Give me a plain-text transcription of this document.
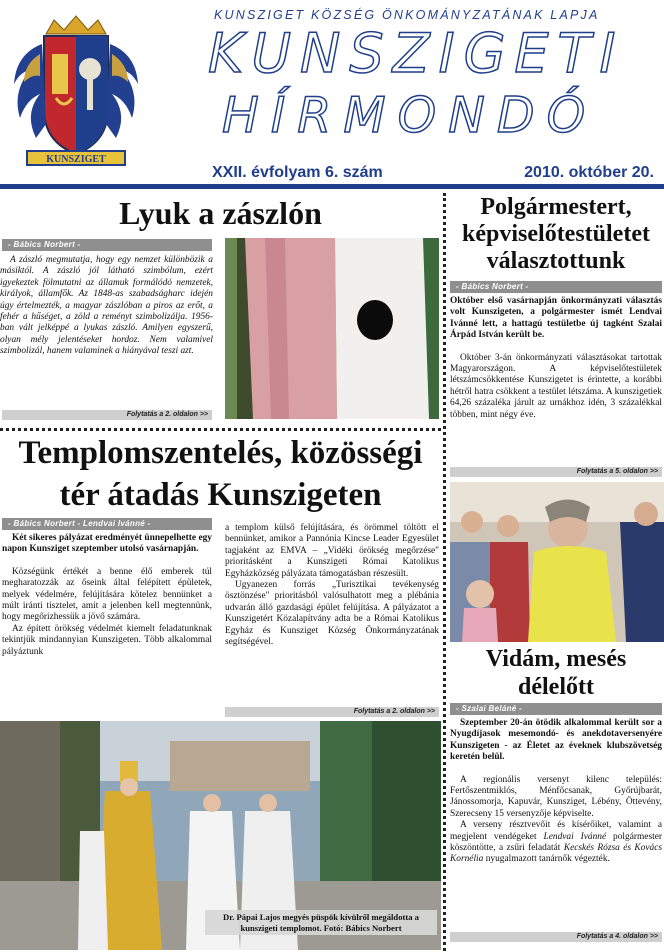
KUNSZIGET
KUNSZIGET KÖZSÉG ÖNKOMÁNYZATÁNAK LAPJA
KUNSZIGETI
HÍRMONDÓ
XXII. évfolyam 6. szám	2010. október 20.
Lyuk a zászlón
- Bábics Norbert -

A zászló megmutatja, hogy egy nemzet különbözik a másiktól. A zászló jól látható szimbólum, ezért igyekeztek fölmutatni az államuk formálódó nemzetek, királyok, államfők. Az 1848-as szabadságharc idején úgy értelmezték, a magyar zászlóban a piros az erőt, a fehér a hűséget, a zöld a reményt szimbolizálja. 1956-ban vált jelképpé a lyukas zászló. Amilyen egyszerű, olyan mély jelentéseket hordoz. Nem valamivel szimbolizál, hanem valaminek a hiányával teszi azt.

Folytatás a 2. oldalon >>
Templomszentelés, közösségi
tér átadás Kunszigeten
- Bábics Norbert - Lendvai Ivánné -

Két sikeres pályázat eredményét ünnepelhette egy napon Kunsziget szeptember utolsó vasárnapján.

Községünk értékét a benne élő emberek túl megharatozzák az őseink által felépített épületek, melyek védelmére, felújítására kötelez bennünket a múlt iránti tisztelet, amit a jelenben kell megtennünk, hogy megőrizhessük a jövő számára.

Az épített örökség védelmét kiemelt feladatunknak tekintjük mindannyian Kunszigeten. Több alkalommal pályáztunk

a templom külső felújítására, és örömmel töltött el bennünket, amikor a Pannónia Kincse Leader Egyesület tagjaként az EMVA – „Vidéki örökség megőrzése" prioritásként a Kunszigeti Római Katolikus Egyházközség pályázata támogatásban részesült.

Ugyanezen forrás „Turisztikai tevékenység ösztönzése" prioritásból valósulhatott meg a plébánia udvarán álló gazdasági épület felújítása. A pályázatot a Kunszigetért Közalapítvány adta be a Római Katolikus Egyház és Kunsziget Község Önkormányzatának segítségével.

Folytatás a 2. oldalon >>
Dr. Pápai Lajos megyés püspök kívülről megáldotta a kunszigeti templomot. Fotó: Bábics Norbert
Polgármestert,
képviselőtestületet
választottunk
- Bábics Norbert -

Október első vasárnapján önkormányzati választás volt Kunszigeten, a polgármester ismét Lendvai Ivánné lett, a hattagú testületbe új tagként Szalai Árpád István került be.

Október 3-án önkormányzati választásokat tartottak Magyarországon. A képviselőtestületek létszámcsökkentése Kunszigetet is érintette, a korábbi hétről hatra csökkent a testület létszáma. A kunszigetiek 64,26 százaléka járult az urnákhoz idén, 3 százalékkal többen, mint négy éve.

Folytatás a 5. oldalon >>
Vidám, mesés
délelőtt
- Szalai Beláné -

Szeptember 20-án ötödik alkalommal került sor a Nyugdíjasok mesemondó- és anekdotaversenyére Kunszigeten - az Életet az éveknek klubszövetség keretén belül.

A regionális versenyt kilenc település: Fertőszentmiklós, Ménfőcsanak, Győrújbarát, Jánossomorja, Kapuvár, Kunsziget, Lébény, Öttevény, Szerecseny 15 versenyzője képviselte.

A verseny résztvevőit és kísérőiket, valamint a megjelent vendégeket Lendvai Ivánné polgármester köszöntötte, a zsűri feladatát Kecskés Rózsa és Kovács Kornélia nyugalmazott tanárnők végezték.

Folytatás a 4. oldalon >>
